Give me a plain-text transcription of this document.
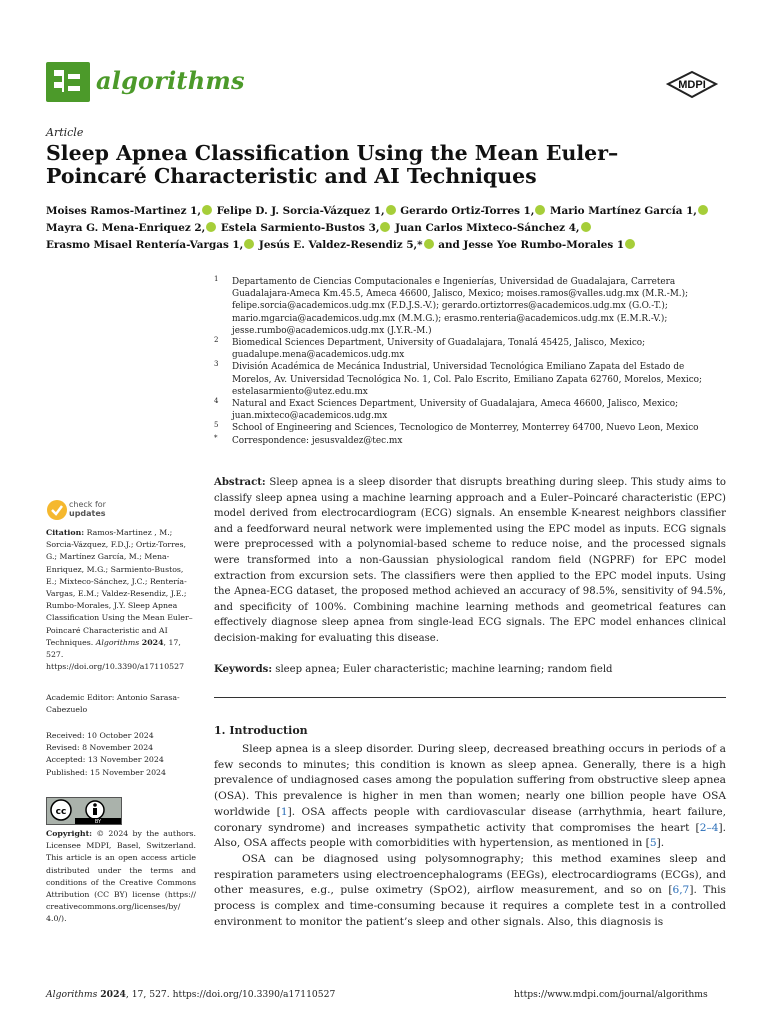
algorithms	MDPI
Article
Sleep Apnea Classification Using the Mean Euler–Poincaré Characteristic and AI Techniques
Moises Ramos-Martinez 1, Felipe D. J. Sorcia-Vázquez 1, Gerardo Ortiz-Torres 1, Mario Martínez García 1,
Mayra G. Mena-Enriquez 2, Estela Sarmiento-Bustos 3, Juan Carlos Mixteco-Sánchez 4,
Erasmo Misael Rentería-Vargas 1, Jesús E. Valdez-Resendiz 5,* and Jesse Yoe Rumbo-Morales 1
1 Departamento de Ciencias Computacionales e Ingenierías, Universidad de Guadalajara, Carretera Guadalajara-Ameca Km.45.5, Ameca 46600, Jalisco, Mexico; moises.ramos@valles.udg.mx (M.R.-M.); felipe.sorcia@academicos.udg.mx (F.D.J.S.-V.); gerardo.ortiztorres@academicos.udg.mx (G.O.-T.); mario.mgarcia@academicos.udg.mx (M.M.G.); erasmo.renteria@academicos.udg.mx (E.M.R.-V.); jesse.rumbo@academicos.udg.mx (J.Y.R.-M.)
2 Biomedical Sciences Department, University of Guadalajara, Tonalá 45425, Jalisco, Mexico; guadalupe.mena@academicos.udg.mx
3 División Académica de Mecánica Industrial, Universidad Tecnológica Emiliano Zapata del Estado de Morelos, Av. Universidad Tecnológica No. 1, Col. Palo Escrito, Emiliano Zapata 62760, Morelos, Mexico; estelasarmiento@utez.edu.mx
4 Natural and Exact Sciences Department, University of Guadalajara, Ameca 46600, Jalisco, Mexico; juan.mixteco@academicos.udg.mx
5 School of Engineering and Sciences, Tecnologico de Monterrey, Monterrey 64700, Nuevo Leon, Mexico
* Correspondence: jesusvaldez@tec.mx
check for
updates
Citation: Ramos-Martinez , M.; Sorcia-Vázquez, F.D.J.; Ortiz-Torres, G.; Martínez García, M.; Mena-Enriquez, M.G.; Sarmiento-Bustos, E.; Mixteco-Sánchez, J.C.; Rentería-Vargas, E.M.; Valdez-Resendiz, J.E.; Rumbo-Morales, J.Y. Sleep Apnea Classification Using the Mean Euler–Poincaré Characteristic and AI Techniques. Algorithms 2024, 17, 527. https://doi.org/10.3390/a17110527
Academic Editor: Antonio Sarasa-Cabezuelo
Received: 10 October 2024
Revised: 8 November 2024
Accepted: 13 November 2024
Published: 15 November 2024
cc
BY
Copyright: © 2024 by the authors. Licensee MDPI, Basel, Switzerland. This article is an open access article distributed under the terms and conditions of the Creative Commons Attribution (CC BY) license (https:// creativecommons.org/licenses/by/ 4.0/).
Abstract: Sleep apnea is a sleep disorder that disrupts breathing during sleep. This study aims to classify sleep apnea using a machine learning approach and a Euler–Poincaré characteristic (EPC) model derived from electrocardiogram (ECG) signals. An ensemble K-nearest neighbors classifier and a feedforward neural network were implemented using the EPC model as inputs. ECG signals were preprocessed with a polynomial-based scheme to reduce noise, and the processed signals were transformed into a non-Gaussian physiological random field (NGPRF) for EPC model extraction from excursion sets. The classifiers were then applied to the EPC model inputs. Using the Apnea-ECG dataset, the proposed method achieved an accuracy of 98.5%, sensitivity of 94.5%, and specificity of 100%. Combining machine learning methods and geometrical features can effectively diagnose sleep apnea from single-lead ECG signals. The EPC model enhances clinical decision-making for evaluating this disease.
Keywords: sleep apnea; Euler characteristic; machine learning; random field
1. Introduction

Sleep apnea is a sleep disorder. During sleep, decreased breathing occurs in periods of a few seconds to minutes; this condition is known as sleep apnea. Generally, there is a high prevalence of undiagnosed cases among the population suffering from obstructive sleep apnea (OSA). This prevalence is higher in men than women; nearly one billion people have OSA worldwide [1]. OSA affects people with cardiovascular disease (arrhythmia, heart failure, coronary syndrome) and increases sympathetic activity that compromises the heart [2–4]. Also, OSA affects people with comorbidities with hypertension, as mentioned in [5].

OSA can be diagnosed using polysomnography; this method examines sleep and respiration parameters using electroencephalograms (EEGs), electrocardiograms (ECGs), and other measures, e.g., pulse oximetry (SpO2), airflow measurement, and so on [6,7]. This process is complex and time-consuming because it requires a complete test in a controlled environment to monitor the patient’s sleep and other signals. Also, this diagnosis is

Algorithms 2024, 17, 527. https://doi.org/10.3390/a17110527	https://www.mdpi.com/journal/algorithms
